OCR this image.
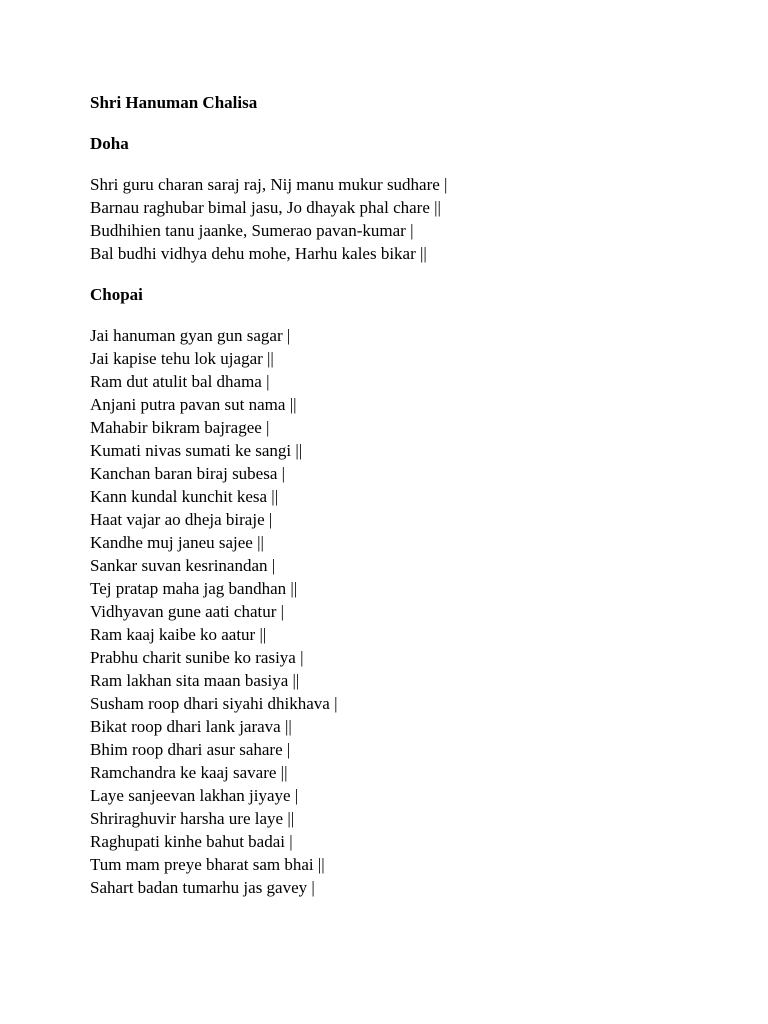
Shri Hanuman Chalisa
Doha
Shri guru charan saraj raj, Nij manu mukur sudhare |
Barnau raghubar bimal jasu, Jo dhayak phal chare ||
Budhihien tanu jaanke, Sumerao pavan-kumar |
Bal budhi vidhya dehu mohe, Harhu kales bikar ||
Chopai
Jai hanuman gyan gun sagar |
Jai kapise tehu lok ujagar ||
Ram dut atulit bal dhama |
Anjani putra pavan sut nama ||
Mahabir bikram bajragee |
Kumati nivas sumati ke sangi ||
Kanchan baran biraj subesa |
Kann kundal kunchit kesa ||
Haat vajar ao dheja biraje |
Kandhe muj janeu sajee ||
Sankar suvan kesrinandan |
Tej pratap maha jag bandhan ||
Vidhyavan gune aati chatur |
Ram kaaj kaibe ko aatur ||
Prabhu charit sunibe ko rasiya |
Ram lakhan sita maan basiya ||
Susham roop dhari siyahi dhikhava |
Bikat roop dhari lank jarava ||
Bhim roop dhari asur sahare |
Ramchandra ke kaaj savare ||
Laye sanjeevan lakhan jiyaye |
Shriraghuvir harsha ure laye ||
Raghupati kinhe bahut badai |
Tum mam preye bharat sam bhai ||
Sahart badan tumarhu jas gavey |
